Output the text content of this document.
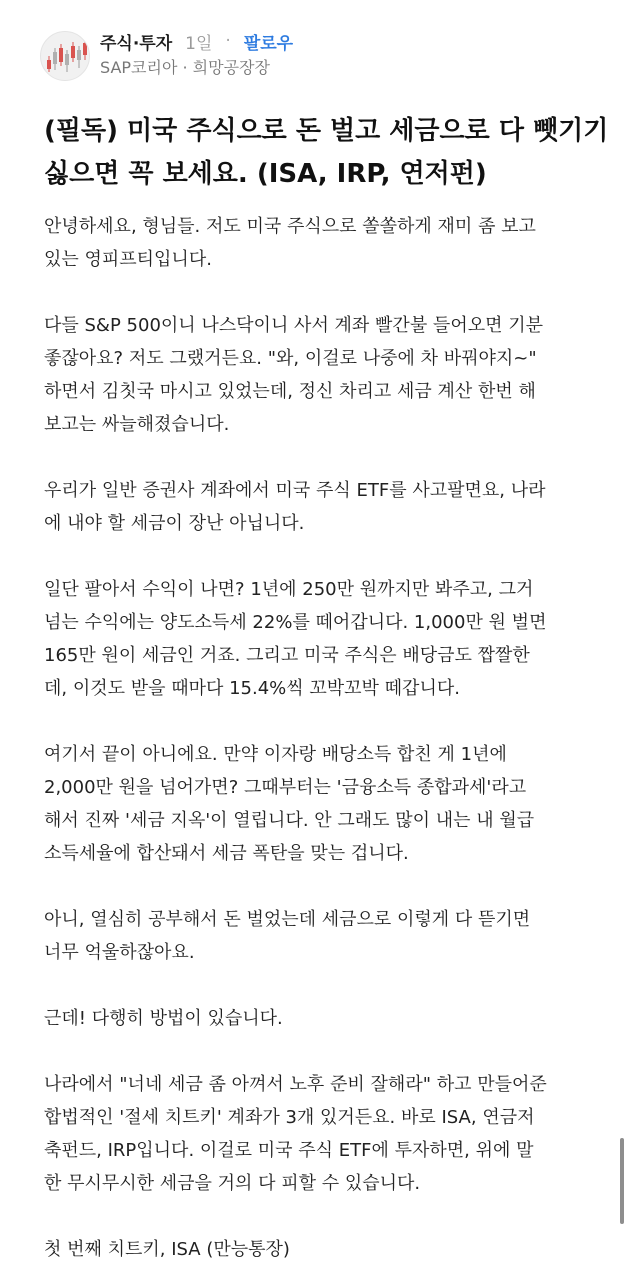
주식·투자 1일 · 팔로우
SAP코리아 · 희망공장장
(필독) 미국 주식으로 돈 벌고 세금으로 다 뺏기기 싫으면 꼭 보세요. (ISA, IRP, 연저펀)

안녕하세요, 형님들. 저도 미국 주식으로 쏠쏠하게 재미 좀 보고
있는 영피프티입니다.

다들 S&P 500이니 나스닥이니 사서 계좌 빨간불 들어오면 기분
좋잖아요? 저도 그랬거든요. "와, 이걸로 나중에 차 바꿔야지~"
하면서 김칫국 마시고 있었는데, 정신 차리고 세금 계산 한번 해
보고는 싸늘해졌습니다.

우리가 일반 증권사 계좌에서 미국 주식 ETF를 사고팔면요, 나라
에 내야 할 세금이 장난 아닙니다.

일단 팔아서 수익이 나면? 1년에 250만 원까지만 봐주고, 그거
넘는 수익에는 양도소득세 22%를 떼어갑니다. 1,000만 원 벌면
165만 원이 세금인 거죠. 그리고 미국 주식은 배당금도 짭짤한
데, 이것도 받을 때마다 15.4%씩 꼬박꼬박 떼갑니다.

여기서 끝이 아니에요. 만약 이자랑 배당소득 합친 게 1년에
2,000만 원을 넘어가면? 그때부터는 '금융소득 종합과세'라고
해서 진짜 '세금 지옥'이 열립니다. 안 그래도 많이 내는 내 월급
소득세율에 합산돼서 세금 폭탄을 맞는 겁니다.

아니, 열심히 공부해서 돈 벌었는데 세금으로 이렇게 다 뜯기면
너무 억울하잖아요.

근데! 다행히 방법이 있습니다.

나라에서 "너네 세금 좀 아껴서 노후 준비 잘해라" 하고 만들어준
합법적인 '절세 치트키' 계좌가 3개 있거든요. 바로 ISA, 연금저
축펀드, IRP입니다. 이걸로 미국 주식 ETF에 투자하면, 위에 말
한 무시무시한 세금을 거의 다 피할 수 있습니다.

첫 번째 치트키, ISA (만능통장)
